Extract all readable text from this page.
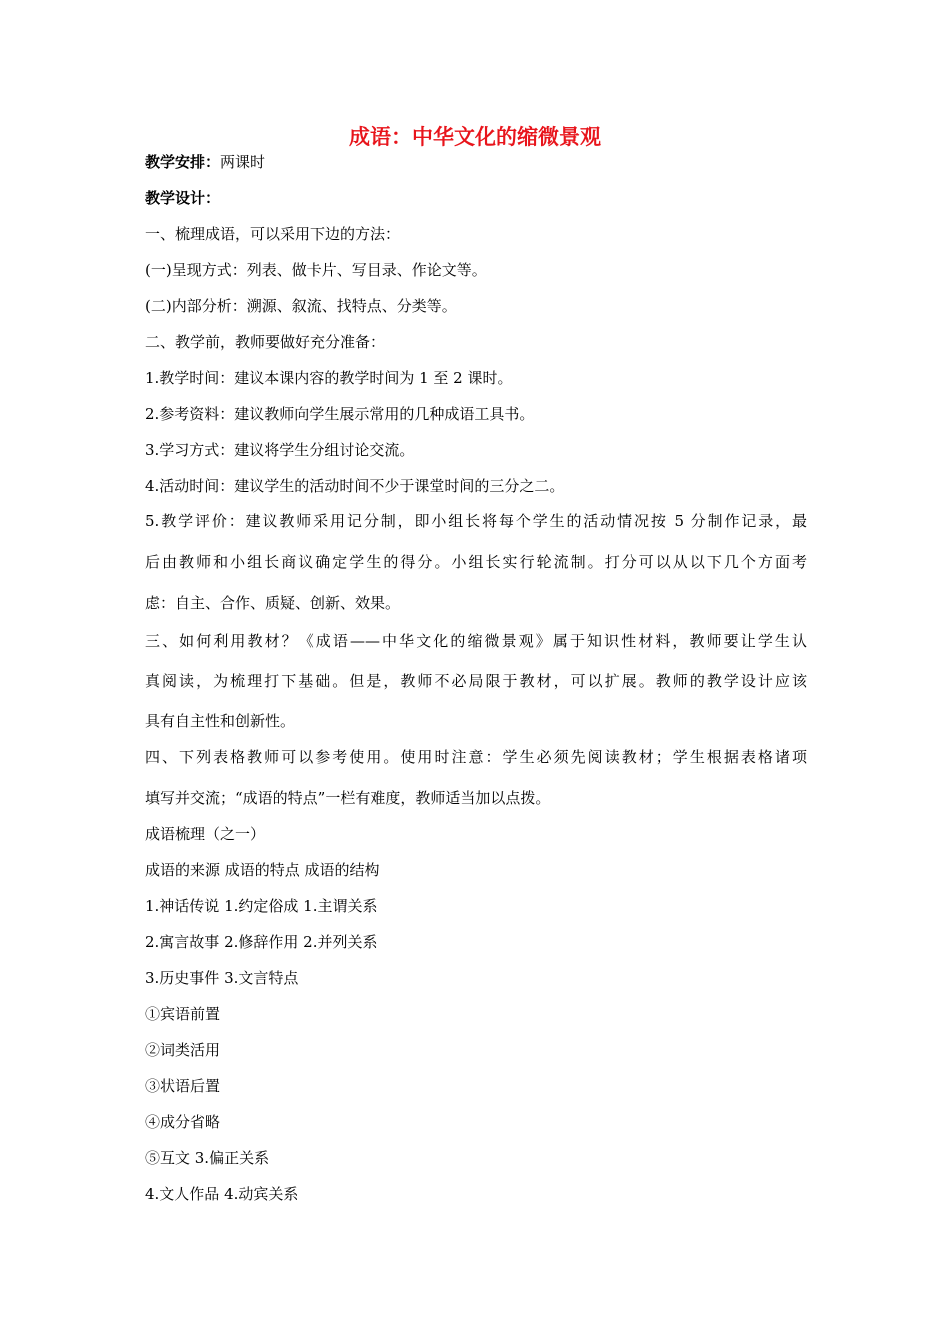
成语：中华文化的缩微景观
教学安排：两课时
教学设计：
一、梳理成语，可以采用下边的方法：
(一)呈现方式：列表、做卡片、写目录、作论文等。
(二)内部分析：溯源、叙流、找特点、分类等。
二、教学前，教师要做好充分准备：
1.教学时间：建议本课内容的教学时间为 1 至 2 课时。
2.参考资料：建议教师向学生展示常用的几种成语工具书。
3.学习方式：建议将学生分组讨论交流。
4.活动时间：建议学生的活动时间不少于课堂时间的三分之二。
5.教学评价：建议教师采用记分制，即小组长将每个学生的活动情况按 5 分制作记录，最
后由教师和小组长商议确定学生的得分。小组长实行轮流制。打分可以从以下几个方面考
虑：自主、合作、质疑、创新、效果。
三、如何利用教材？《成语——中华文化的缩微景观》属于知识性材料，教师要让学生认
真阅读，为梳理打下基础。但是，教师不必局限于教材，可以扩展。教师的教学设计应该
具有自主性和创新性。
四、下列表格教师可以参考使用。使用时注意：学生必须先阅读教材；学生根据表格诸项
填写并交流；“成语的特点”一栏有难度，教师适当加以点拨。
成语梳理（之一）
成语的来源 成语的特点 成语的结构
1.神话传说 1.约定俗成 1.主谓关系
2.寓言故事 2.修辞作用 2.并列关系
3.历史事件 3.文言特点
①宾语前置
②词类活用
③状语后置
④成分省略
⑤互文 3.偏正关系
4.文人作品 4.动宾关系
